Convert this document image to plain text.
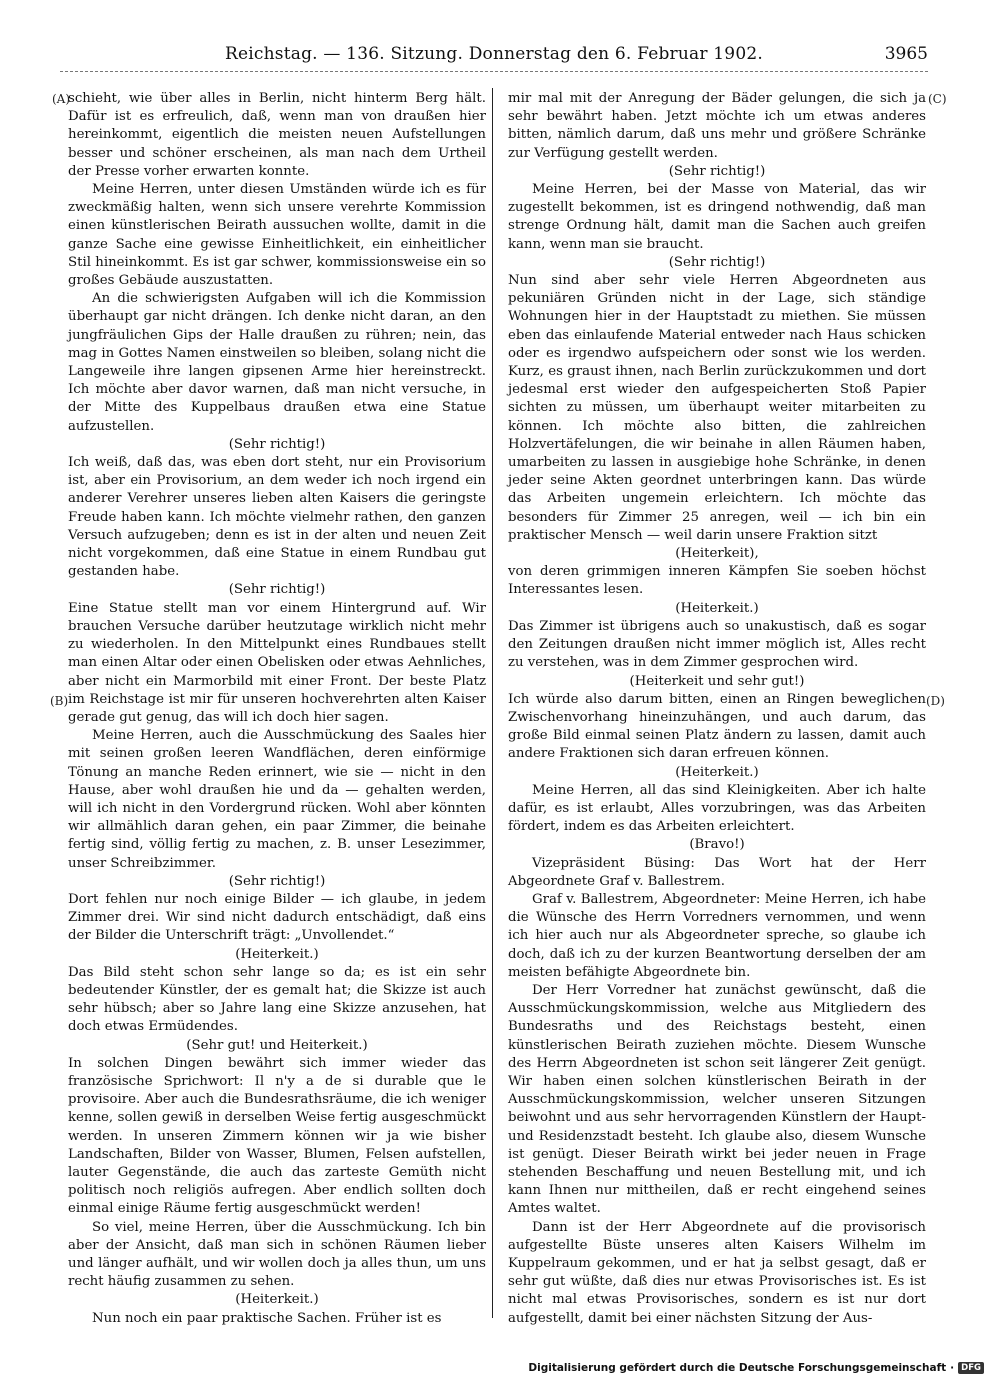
Reichstag. — 136. Sitzung. Donnerstag den 6. Februar 1902.	3965
(A)
(B)
(C)
(D)

schieht, wie über alles in Berlin, nicht hinterm Berg hält. Dafür ist es erfreulich, daß, wenn man von draußen hier hereinkommt, eigentlich die meisten neuen Aufstellungen besser und schöner erscheinen, als man nach dem Urtheil der Presse vorher erwarten konnte.

Meine Herren, unter diesen Umständen würde ich es für zweckmäßig halten, wenn sich unsere verehrte Kommission einen künstlerischen Beirath aussuchen wollte, damit in die ganze Sache eine gewisse Einheitlichkeit, ein einheitlicher Stil hineinkommt. Es ist gar schwer, kommissionsweise ein so großes Gebäude auszustatten.

An die schwierigsten Aufgaben will ich die Kommission überhaupt gar nicht drängen. Ich denke nicht daran, an den jungfräulichen Gips der Halle draußen zu rühren; nein, das mag in Gottes Namen einstweilen so bleiben, solang nicht die Langeweile ihre langen gipsenen Arme hier hereinstreckt. Ich möchte aber davor warnen, daß man nicht versuche, in der Mitte des Kuppelbaus draußen etwa eine Statue aufzustellen.

(Sehr richtig!)

Ich weiß, daß das, was eben dort steht, nur ein Provisorium ist, aber ein Provisorium, an dem weder ich noch irgend ein anderer Verehrer unseres lieben alten Kaisers die geringste Freude haben kann. Ich möchte vielmehr rathen, den ganzen Versuch aufzugeben; denn es ist in der alten und neuen Zeit nicht vorgekommen, daß eine Statue in einem Rundbau gut gestanden habe.

(Sehr richtig!)

Eine Statue stellt man vor einem Hintergrund auf. Wir brauchen Versuche darüber heutzutage wirklich nicht mehr zu wiederholen. In den Mittelpunkt eines Rundbaues stellt man einen Altar oder einen Obelisken oder etwas Aehnliches, aber nicht ein Marmorbild mit einer Front. Der beste Platz im Reichstage ist mir für unseren hochverehrten alten Kaiser gerade gut genug, das will ich doch hier sagen.

Meine Herren, auch die Ausschmückung des Saales hier mit seinen großen leeren Wandflächen, deren einförmige Tönung an manche Reden erinnert, wie sie — nicht in den Hause, aber wohl draußen hie und da — gehalten werden, will ich nicht in den Vordergrund rücken. Wohl aber könnten wir allmählich daran gehen, ein paar Zimmer, die beinahe fertig sind, völlig fertig zu machen, z. B. unser Lesezimmer, unser Schreibzimmer.

(Sehr richtig!)

Dort fehlen nur noch einige Bilder — ich glaube, in jedem Zimmer drei. Wir sind nicht dadurch entschädigt, daß eins der Bilder die Unterschrift trägt: „Unvollendet.“

(Heiterkeit.)

Das Bild steht schon sehr lange so da; es ist ein sehr bedeutender Künstler, der es gemalt hat; die Skizze ist auch sehr hübsch; aber so Jahre lang eine Skizze anzusehen, hat doch etwas Ermüdendes.

(Sehr gut! und Heiterkeit.)

In solchen Dingen bewährt sich immer wieder das französische Sprichwort: Il n'y a de si durable que le provisoire. Aber auch die Bundesrathsräume, die ich weniger kenne, sollen gewiß in derselben Weise fertig ausgeschmückt werden. In unseren Zimmern können wir ja wie bisher Landschaften, Bilder von Wasser, Blumen, Felsen aufstellen, lauter Gegenstände, die auch das zarteste Gemüth nicht politisch noch religiös aufregen. Aber endlich sollten doch einmal einige Räume fertig ausgeschmückt werden!

So viel, meine Herren, über die Ausschmückung. Ich bin aber der Ansicht, daß man sich in schönen Räumen lieber und länger aufhält, und wir wollen doch ja alles thun, um uns recht häufig zusammen zu sehen.

(Heiterkeit.)

Nun noch ein paar praktische Sachen. Früher ist es

mir mal mit der Anregung der Bäder gelungen, die sich ja sehr bewährt haben. Jetzt möchte ich um etwas anderes bitten, nämlich darum, daß uns mehr und größere Schränke zur Verfügung gestellt werden.

(Sehr richtig!)

Meine Herren, bei der Masse von Material, das wir zugestellt bekommen, ist es dringend nothwendig, daß man strenge Ordnung hält, damit man die Sachen auch greifen kann, wenn man sie braucht.

(Sehr richtig!)

Nun sind aber sehr viele Herren Abgeordneten aus pekuniären Gründen nicht in der Lage, sich ständige Wohnungen hier in der Hauptstadt zu miethen. Sie müssen eben das einlaufende Material entweder nach Haus schicken oder es irgendwo aufspeichern oder sonst wie los werden. Kurz, es graust ihnen, nach Berlin zurückzukommen und dort jedesmal erst wieder den aufgespeicherten Stoß Papier sichten zu müssen, um überhaupt weiter mitarbeiten zu können. Ich möchte also bitten, die zahlreichen Holzvertäfelungen, die wir beinahe in allen Räumen haben, umarbeiten zu lassen in ausgiebige hohe Schränke, in denen jeder seine Akten geordnet unterbringen kann. Das würde das Arbeiten ungemein erleichtern. Ich möchte das besonders für Zimmer 25 anregen, weil — ich bin ein praktischer Mensch — weil darin unsere Fraktion sitzt

(Heiterkeit),

von deren grimmigen inneren Kämpfen Sie soeben höchst Interessantes lesen.

(Heiterkeit.)

Das Zimmer ist übrigens auch so unakustisch, daß es sogar den Zeitungen draußen nicht immer möglich ist, Alles recht zu verstehen, was in dem Zimmer gesprochen wird.

(Heiterkeit und sehr gut!)

Ich würde also darum bitten, einen an Ringen beweglichen Zwischenvorhang hineinzuhängen, und auch darum, das große Bild einmal seinen Platz ändern zu lassen, damit auch andere Fraktionen sich daran erfreuen können.

(Heiterkeit.)

Meine Herren, all das sind Kleinigkeiten. Aber ich halte dafür, es ist erlaubt, Alles vorzubringen, was das Arbeiten fördert, indem es das Arbeiten erleichtert.

(Bravo!)

Vizepräsident Büsing: Das Wort hat der Herr Abgeordnete Graf v. Ballestrem.

Graf v. Ballestrem, Abgeordneter: Meine Herren, ich habe die Wünsche des Herrn Vorredners vernommen, und wenn ich hier auch nur als Abgeordneter spreche, so glaube ich doch, daß ich zu der kurzen Beantwortung derselben der am meisten befähigte Abgeordnete bin.

Der Herr Vorredner hat zunächst gewünscht, daß die Ausschmückungskommission, welche aus Mitgliedern des Bundesraths und des Reichstags besteht, einen künstlerischen Beirath zuziehen möchte. Diesem Wunsche des Herrn Abgeordneten ist schon seit längerer Zeit genügt. Wir haben einen solchen künstlerischen Beirath in der Ausschmückungskommission, welcher unseren Sitzungen beiwohnt und aus sehr hervorragenden Künstlern der Haupt- und Residenzstadt besteht. Ich glaube also, diesem Wunsche ist genügt. Dieser Beirath wirkt bei jeder neuen in Frage stehenden Beschaffung und neuen Bestellung mit, und ich kann Ihnen nur mittheilen, daß er recht eingehend seines Amtes waltet.

Dann ist der Herr Abgeordnete auf die provisorisch aufgestellte Büste unseres alten Kaisers Wilhelm im Kuppelraum gekommen, und er hat ja selbst gesagt, daß er sehr gut wüßte, daß dies nur etwas Provisorisches ist. Es ist nicht mal etwas Provisorisches, sondern es ist nur dort aufgestellt, damit bei einer nächsten Sitzung der Aus-

Digitalisierung gefördert durch die Deutsche Forschungsgemeinschaft · DFG
